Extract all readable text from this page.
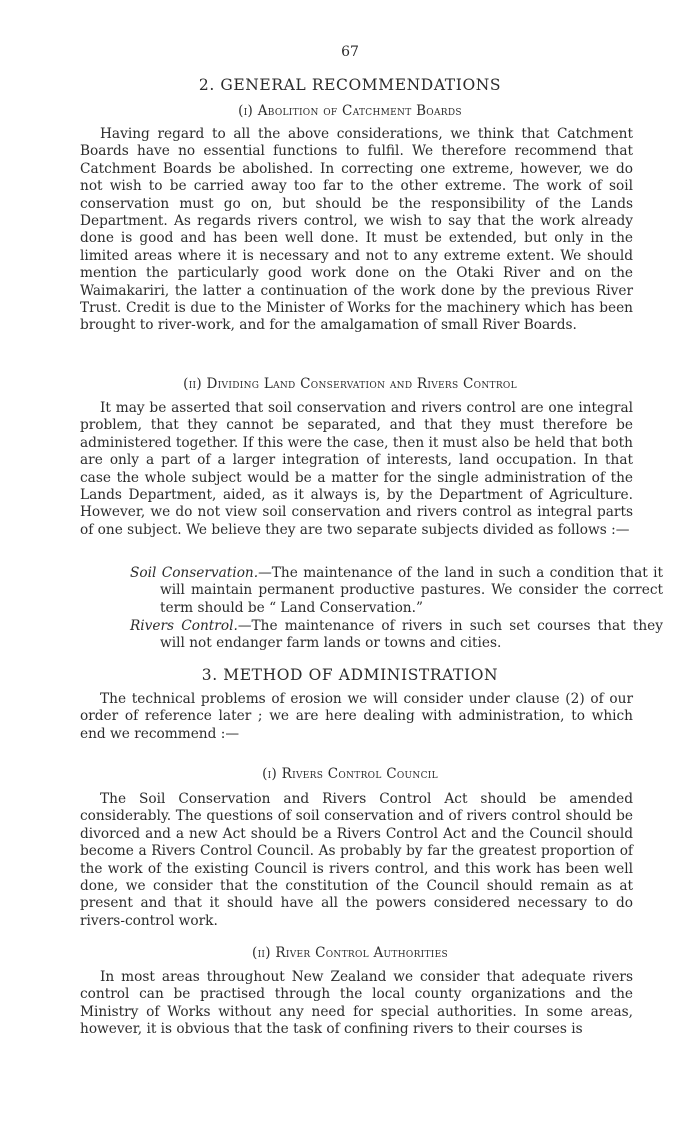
67
2. GENERAL RECOMMENDATIONS
(i) Abolition of Catchment Boards

Having regard to all the above considerations, we think that Catchment Boards have no essential functions to fulfil. We therefore recommend that Catchment Boards be abolished. In correcting one extreme, however, we do not wish to be carried away too far to the other extreme. The work of soil conservation must go on, but should be the responsibility of the Lands Department. As regards rivers control, we wish to say that the work already done is good and has been well done. It must be extended, but only in the limited areas where it is necessary and not to any extreme extent. We should mention the particularly good work done on the Otaki River and on the Waimakariri, the latter a continuation of the work done by the previous River Trust. Credit is due to the Minister of Works for the machinery which has been brought to river-work, and for the amalgamation of small River Boards.

(ii) Dividing Land Conservation and Rivers Control

It may be asserted that soil conservation and rivers control are one integral problem, that they cannot be separated, and that they must therefore be administered together. If this were the case, then it must also be held that both are only a part of a larger integration of interests, land occupation. In that case the whole subject would be a matter for the single administration of the Lands Department, aided, as it always is, by the Department of Agriculture. However, we do not view soil conservation and rivers control as integral parts of one subject. We believe they are two separate subjects divided as follows :—

Soil Conservation.—The maintenance of the land in such a condition that it will maintain permanent productive pastures. We consider the correct term should be “ Land Conservation.”

Rivers Control.—The maintenance of rivers in such set courses that they will not endanger farm lands or towns and cities.

3. METHOD OF ADMINISTRATION

The technical problems of erosion we will consider under clause (2) of our order of reference later ; we are here dealing with administration, to which end we recommend :—

(i) Rivers Control Council

The Soil Conservation and Rivers Control Act should be amended considerably. The questions of soil conservation and of rivers control should be divorced and a new Act should be a Rivers Control Act and the Council should become a Rivers Control Council. As probably by far the greatest proportion of the work of the existing Council is rivers control, and this work has been well done, we consider that the constitution of the Council should remain as at present and that it should have all the powers considered necessary to do rivers-control work.

(ii) River Control Authorities

In most areas throughout New Zealand we consider that adequate rivers control can be practised through the local county organizations and the Ministry of Works without any need for special authorities. In some areas, however, it is obvious that the task of confining rivers to their courses is
